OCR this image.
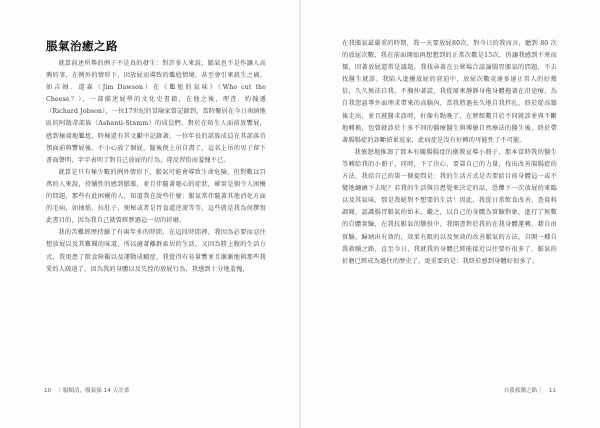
脹氣治癒之路

就算前述所舉的例子不是真的發生：對許多人來說，脹氣也不是作讓人高興的事，在例外的情形下，因放屁而導致的尷尬情境，甚至會引來殺生之禍。如吉姆．道森（Jim Dawson）在《尷尬的氣味》（Who cut the Cheese？），一部描述屁學的文化史書籍，在他之後，理查．約翰遜（Richard Jobson），一位17世紀的冒險家曾記錄到，當時聚居在今日南納地區的阿散蒂部族（Ashanti-Stamm）的成員們，對於在陌生人面前放響屁，感到極端地尷尬，時極還有其文獻中記錄著，一位年長的部族成員在其部落首領面前與響屁後，不小心放了個屁，隨後便上吊自盡了，這名上吊的男子留下書面聲明，字字表明了對自己放屁的行為，違反習俗而羞愧不已。

就算是只有極少數的例外情形下，脹氣可能會導致生命危險，但對數以百萬的人來說，持續性的感到脹脹，並且伴隨著噁心的症狀，確實是個令人困擾的問題，那些有此困擾的人，知道我在說些什麼：脹氣常伴隨著其他消化方面的毛病，如抽筋、拉肚子、便秘或者是胃食道逆流等等，這些就是我為何撰寫此書目的，因為我自己就曾經歷過這一切的折磨。

我的苦難經歷持續了有兩年多的時間，在這段時間裡，我因為必要而忍住想放屁以及其難聞的味道，所以適著離群索居的生活，又因為勝上腹的生活方式，我更患了飲食障礙以及運動成癮症，我覺得有易量響並且漸漸地與那些我愛的人疏遠了，因為我的身體以及失控的放屁行為，我感到十分地羞愧，

10 ｜腸順清，腹氣保 14 天計畫

在我脹氣最嚴重的時期，我一天要放屁80次，對今日的我而言，聽到 80 次的放屁次數，我在前面開始再想想到的正常次數是15次，仍讓我感到不寒而慄，因著放屁還常是議題，我找尋著在公眾場合談論腸胃脹氣的問題，不去找醫生就診。我陷入進擾放屁的窘迫中，放屁次數竟達多達正常人的好幾倍，久久無法自我，不胸仲著謊，我從原來靜靜身拖身體拖著在沿途療，為自我怨惡專外面理求帶來的高腦內，當我將過長久地自我拌扎，終於從高牆後走出，並且就醫求診時，好像有點晚了，在歷經數月於不同就診並與不斷地轉換，包曾就診於十多不同的醫療醫生與博敏自然療法的醫生後，終於帶著腸腸症的診斷結果返家，此病症是沒有好轉的可能性了不可能。

我憤怒地推卸了那本有關腸腸症的衛教宣導小冊子，那本當時我的醫生等轉給我的小冊子，同時，下了決心，要靠自己的力量，找出改善腸腸症的方法，我給自己的第一個提問是：我的生活方式是否要給目前身體這一或不變地纏繞下去呢？若我的生活與自患覺來決定的話，恐懼下一次放屁的來臨以及其氣味，那是我絕對不想要的生活！因此，我從日常飲食改善，查資料調閱，認識腸胃脹氣的始末，繼之，以自己的身體為實驗對象，進行了無數的自體實驗，在我抗脹氣的戰役中，我開書對於我的在我身體運轉，藉自由實驗，歸納出有效的，效果有限的以及無效的改善脹氣的方法，自開一種自我救贖之路，直至今日，我就我的身體已經能接近以往要好很多了，脹氣的折磨已經成為過往的歷史了，更重要的是：我終於感到身體好很多了，

自我救贖之路｜ 11
